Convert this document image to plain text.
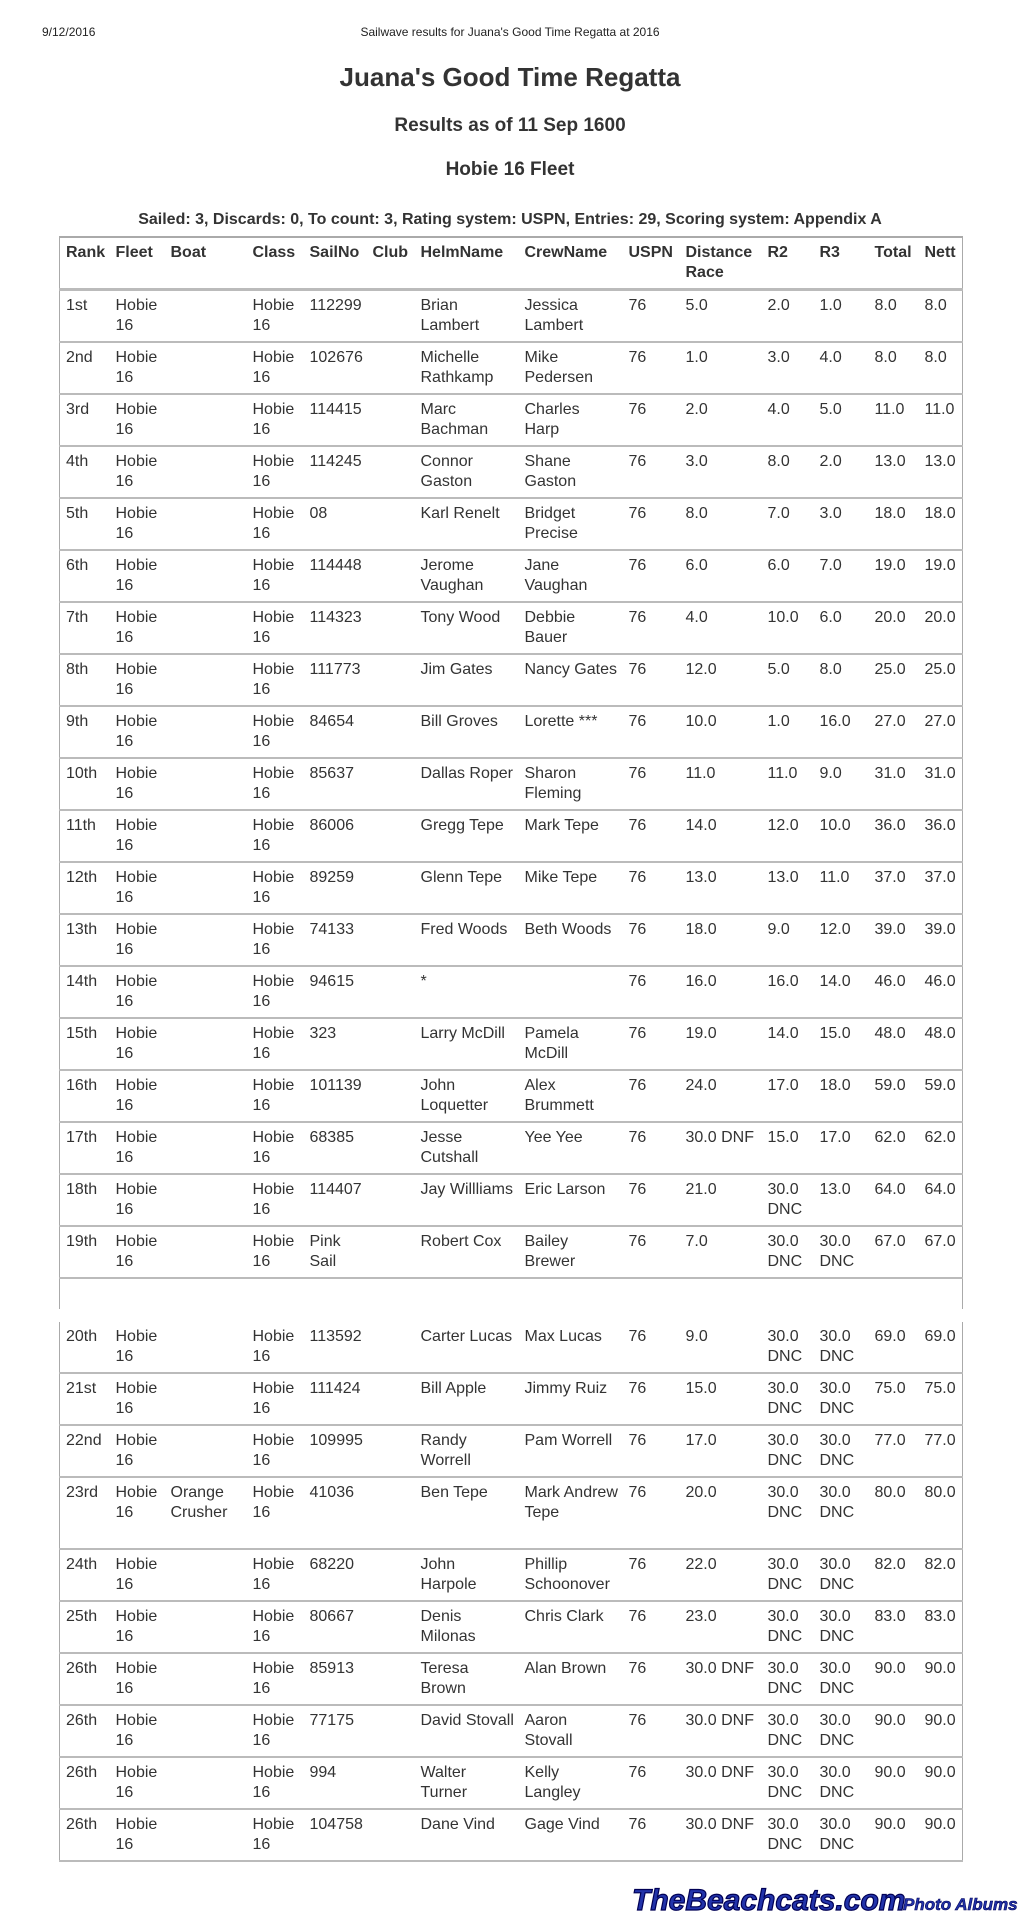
9/12/2016	Sailwave results for Juana's Good Time Regatta at 2016
Juana's Good Time Regatta
Results as of 11 Sep 1600
Hobie 16 Fleet
Sailed: 3, Discards: 0, To count: 3, Rating system: USPN, Entries: 29, Scoring system: Appendix A
Rank	Fleet	Boat	Class	SailNo	Club	HelmName	CrewName	USPN	Distance Race	R2	R3	Total	Nett
1st	Hobie 16		Hobie 16	112299		Brian Lambert	Jessica Lambert	76	5.0	2.0	1.0	8.0	8.0
2nd	Hobie 16		Hobie 16	102676		Michelle Rathkamp	Mike Pedersen	76	1.0	3.0	4.0	8.0	8.0
3rd	Hobie 16		Hobie 16	114415		Marc Bachman	Charles Harp	76	2.0	4.0	5.0	11.0	11.0
4th	Hobie 16		Hobie 16	114245		Connor Gaston	Shane Gaston	76	3.0	8.0	2.0	13.0	13.0
5th	Hobie 16		Hobie 16	08		Karl Renelt	Bridget Precise	76	8.0	7.0	3.0	18.0	18.0
6th	Hobie 16		Hobie 16	114448		Jerome Vaughan	Jane Vaughan	76	6.0	6.0	7.0	19.0	19.0
7th	Hobie 16		Hobie 16	114323		Tony Wood	Debbie Bauer	76	4.0	10.0	6.0	20.0	20.0
8th	Hobie 16		Hobie 16	111773		Jim Gates	Nancy Gates	76	12.0	5.0	8.0	25.0	25.0
9th	Hobie 16		Hobie 16	84654		Bill Groves	Lorette ***	76	10.0	1.0	16.0	27.0	27.0
10th	Hobie 16		Hobie 16	85637		Dallas Roper	Sharon Fleming	76	11.0	11.0	9.0	31.0	31.0
11th	Hobie 16		Hobie 16	86006		Gregg Tepe	Mark Tepe	76	14.0	12.0	10.0	36.0	36.0
12th	Hobie 16		Hobie 16	89259		Glenn Tepe	Mike Tepe	76	13.0	13.0	11.0	37.0	37.0
13th	Hobie 16		Hobie 16	74133		Fred Woods	Beth Woods	76	18.0	9.0	12.0	39.0	39.0
14th	Hobie 16		Hobie 16	94615		*		76	16.0	16.0	14.0	46.0	46.0
15th	Hobie 16		Hobie 16	323		Larry McDill	Pamela McDill	76	19.0	14.0	15.0	48.0	48.0
16th	Hobie 16		Hobie 16	101139		John Loquetter	Alex Brummett	76	24.0	17.0	18.0	59.0	59.0
17th	Hobie 16		Hobie 16	68385		Jesse Cutshall	Yee Yee	76	30.0 DNF	15.0	17.0	62.0	62.0
18th	Hobie 16		Hobie 16	114407		Jay Willliams	Eric Larson	76	21.0	30.0 DNC	13.0	64.0	64.0
19th	Hobie 16		Hobie 16	Pink Sail		Robert Cox	Bailey Brewer	76	7.0	30.0 DNC	30.0 DNC	67.0	67.0

20th	Hobie 16		Hobie 16	113592		Carter Lucas	Max Lucas	76	9.0	30.0 DNC	30.0 DNC	69.0	69.0
21st	Hobie 16		Hobie 16	111424		Bill Apple	Jimmy Ruiz	76	15.0	30.0 DNC	30.0 DNC	75.0	75.0
22nd	Hobie 16		Hobie 16	109995		Randy Worrell	Pam Worrell	76	17.0	30.0 DNC	30.0 DNC	77.0	77.0
23rd	Hobie 16	Orange Crusher	Hobie 16	41036		Ben Tepe	Mark Andrew Tepe	76	20.0	30.0 DNC	30.0 DNC	80.0	80.0
24th	Hobie 16		Hobie 16	68220		John Harpole	Phillip Schoonover	76	22.0	30.0 DNC	30.0 DNC	82.0	82.0
25th	Hobie 16		Hobie 16	80667		Denis Milonas	Chris Clark	76	23.0	30.0 DNC	30.0 DNC	83.0	83.0
26th	Hobie 16		Hobie 16	85913		Teresa Brown	Alan Brown	76	30.0 DNF	30.0 DNC	30.0 DNC	90.0	90.0
26th	Hobie 16		Hobie 16	77175		David Stovall	Aaron Stovall	76	30.0 DNF	30.0 DNC	30.0 DNC	90.0	90.0
26th	Hobie 16		Hobie 16	994		Walter Turner	Kelly Langley	76	30.0 DNF	30.0 DNC	30.0 DNC	90.0	90.0
26th	Hobie 16		Hobie 16	104758		Dane Vind	Gage Vind	76	30.0 DNF	30.0 DNC	30.0 DNC	90.0	90.0
TheBeachcats.com
Photo Albums
